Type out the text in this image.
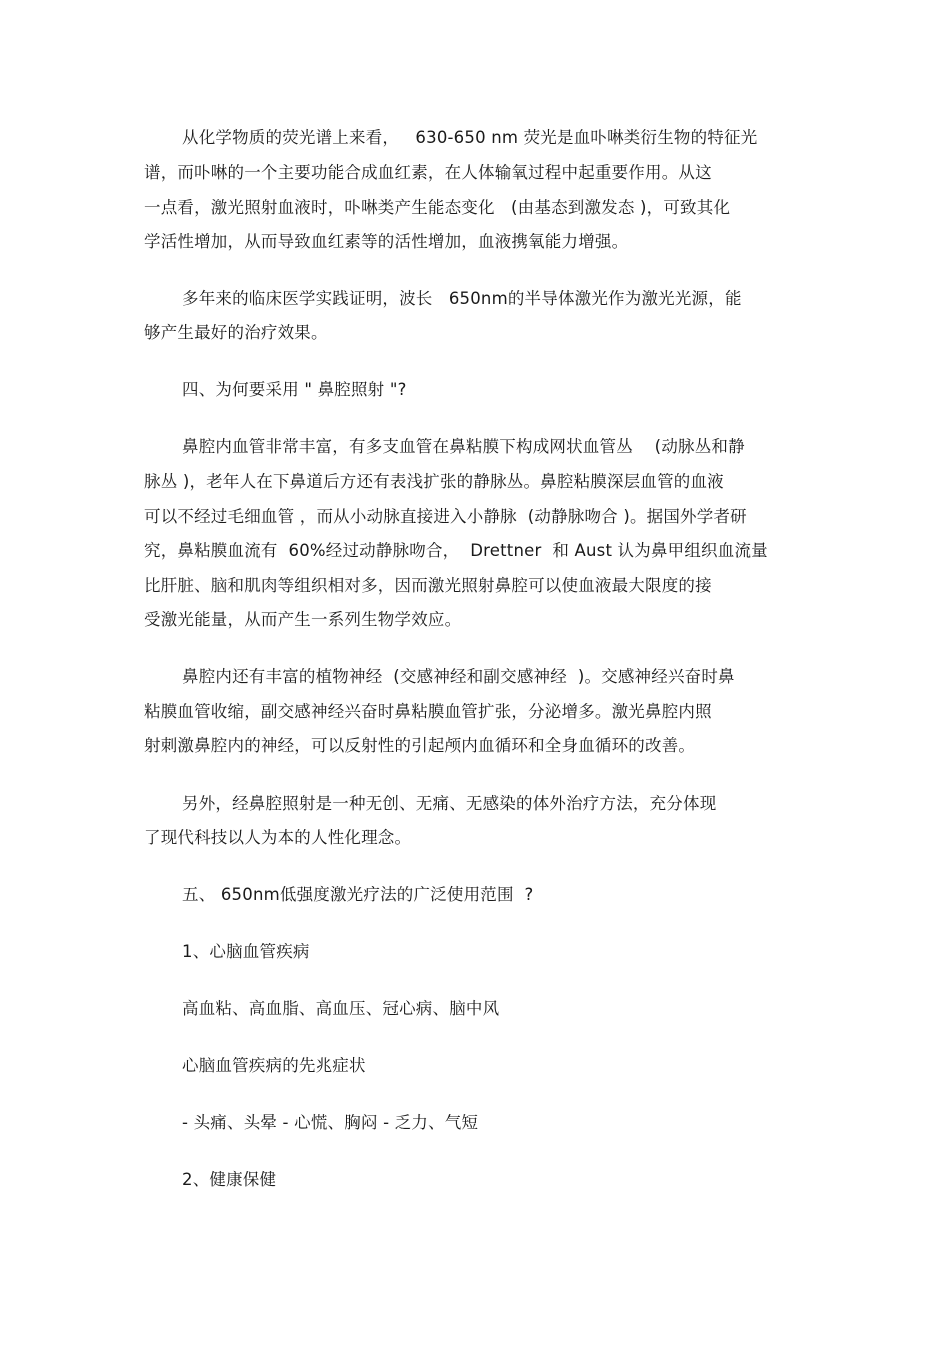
从化学物质的荧光谱上来看，   630-650 nm 荧光是血卟啉类衍生物的特征光
谱，而卟啉的一个主要功能合成血红素，在人体输氧过程中起重要作用。从这
一点看，激光照射血液时，卟啉类产生能态变化   (由基态到激发态 )，可致其化
学活性增加，从而导致血红素等的活性增加，血液携氧能力增强。
多年来的临床医学实践证明，波长   650nm的半导体激光作为激光光源，能
够产生最好的治疗效果。
四、为何要采用 " 鼻腔照射 "?
鼻腔内血管非常丰富，有多支血管在鼻粘膜下构成网状血管丛    (动脉丛和静
脉丛 )，老年人在下鼻道后方还有表浅扩张的静脉丛。鼻腔粘膜深层血管的血液
可以不经过毛细血管 ，而从小动脉直接进入小静脉  (动静脉吻合 )。据国外学者研
究，鼻粘膜血流有  60%经过动静脉吻合，  Drettner  和 Aust 认为鼻甲组织血流量
比肝脏、脑和肌肉等组织相对多，因而激光照射鼻腔可以使血液最大限度的接
受激光能量，从而产生一系列生物学效应。
鼻腔内还有丰富的植物神经  (交感神经和副交感神经  )。交感神经兴奋时鼻
粘膜血管收缩，副交感神经兴奋时鼻粘膜血管扩张，分泌增多。激光鼻腔内照
射刺激鼻腔内的神经，可以反射性的引起颅内血循环和全身血循环的改善。
另外，经鼻腔照射是一种无创、无痛、无感染的体外治疗方法，充分体现
了现代科技以人为本的人性化理念。
五、 650nm低强度激光疗法的广泛使用范围  ?
1、心脑血管疾病
高血粘、高血脂、高血压、冠心病、脑中风
心脑血管疾病的先兆症状
- 头痛、头晕 - 心慌、胸闷 - 乏力、气短
2、健康保健
